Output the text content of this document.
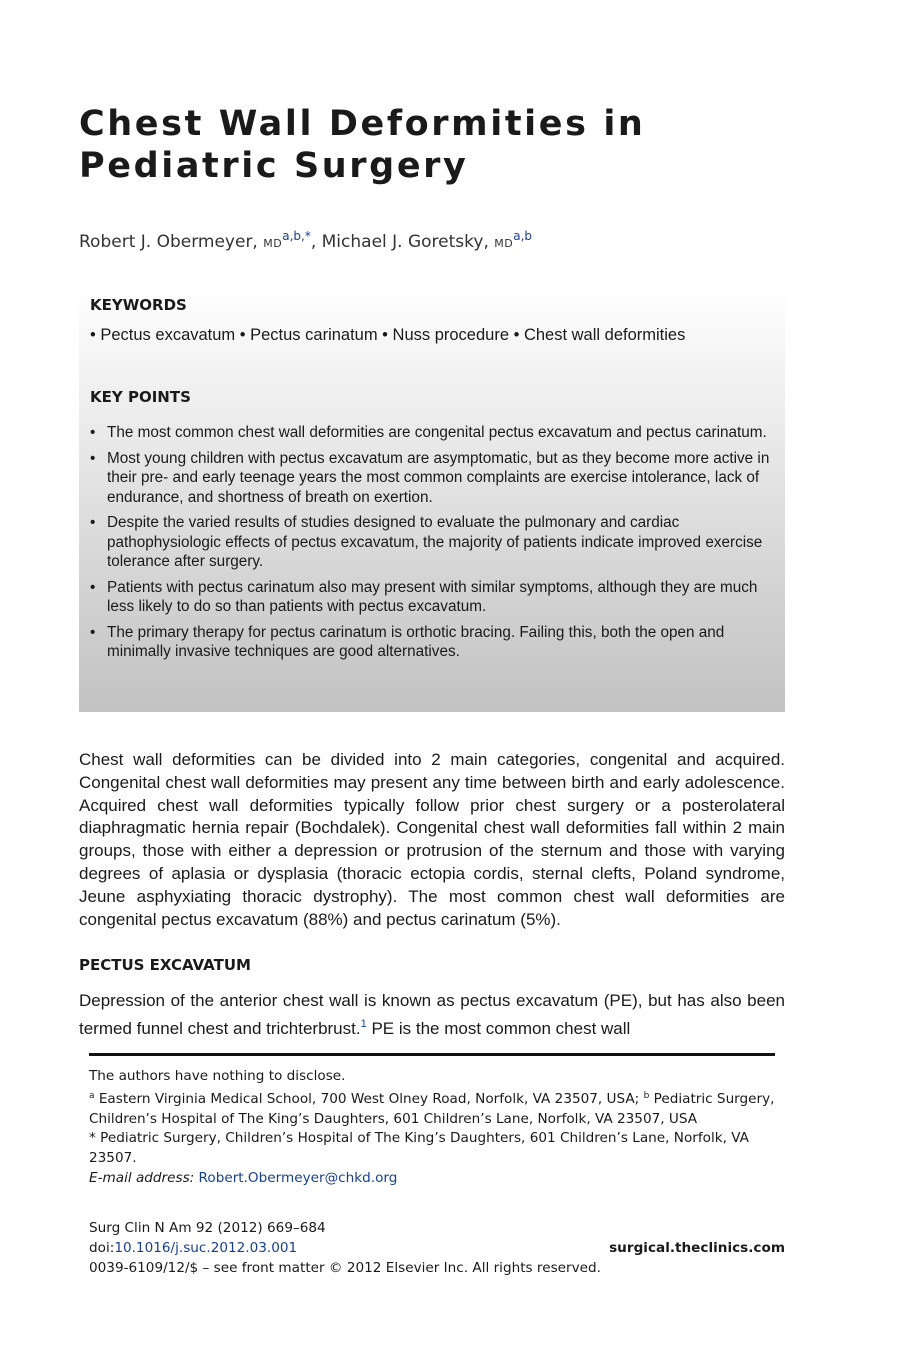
Chest Wall Deformities in
Pediatric Surgery
Robert J. Obermeyer, $MD^{a,b,*}$, Michael J. Goretsky, MD$^{a,b}$
KEYWORDS
• Pectus excavatum • Pectus carinatum • Nuss procedure • Chest wall deformities
KEY POINTS
• The most common chest wall deformities are congenital pectus excavatum and pectus carinatum.
• Most young children with pectus excavatum are asymptomatic, but as they become more active in their pre- and early teenage years the most common complaints are exercise intolerance, lack of endurance, and shortness of breath on exertion.
• Despite the varied results of studies designed to evaluate the pulmonary and cardiac pathophysiologic effects of pectus excavatum, the majority of patients indicate improved exercise tolerance after surgery.
• Patients with pectus carinatum also may present with similar symptoms, although they are much less likely to do so than patients with pectus excavatum.
• The primary therapy for pectus carinatum is orthotic bracing. Failing this, both the open and minimally invasive techniques are good alternatives.

Chest wall deformities can be divided into 2 main categories, congenital and acquired. Congenital chest wall deformities may present any time between birth and early adolescence. Acquired chest wall deformities typically follow prior chest surgery or a posterolateral diaphragmatic hernia repair (Bochdalek). Congenital chest wall deformities fall within 2 main groups, those with either a depression or protrusion of the sternum and those with varying degrees of aplasia or dysplasia (thoracic ectopia cordis, sternal clefts, Poland syndrome, Jeune asphyxiating thoracic dystrophy). The most common chest wall deformities are congenital pectus excavatum (88%) and pectus carinatum (5%).

PECTUS EXCAVATUM

Depression of the anterior chest wall is known as pectus excavatum (PE), but has also been termed funnel chest and trichterbrust.$^1$ PE is the most common chest wall

The authors have nothing to disclose.

$^a$ Eastern Virginia Medical School, 700 West Olney Road, Norfolk, VA 23507, USA; $^b$ Pediatric Surgery, Children’s Hospital of The King’s Daughters, 601 Children’s Lane, Norfolk, VA 23507, USA

* Pediatric Surgery, Children’s Hospital of The King’s Daughters, 601 Children’s Lane, Norfolk, VA 23507.

E-mail address: Robert.Obermeyer@chkd.org

Surg Clin N Am 92 (2012) 669–684

doi:10.1016/j.suc.2012.03.001

0039-6109/12/$ – see front matter © 2012 Elsevier Inc. All rights reserved.

surgical.theclinics.com
